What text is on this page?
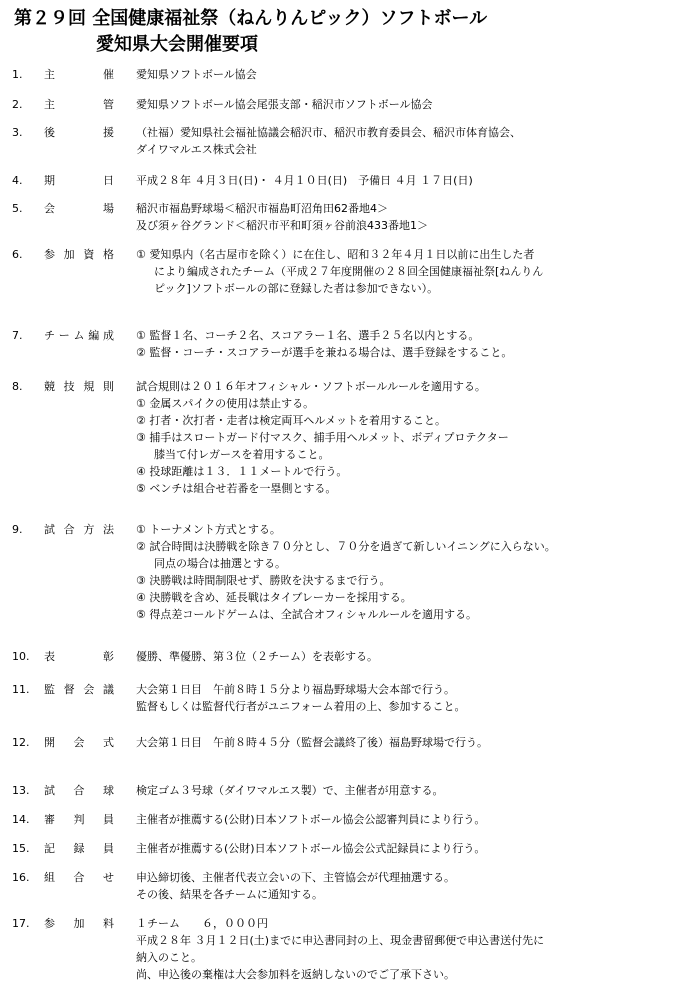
第２９回 全国健康福祉祭（ねんりんピック）ソフトボール
愛知県大会開催要項
1. 主	催 愛知県ソフトボール協会
2. 主	管 愛知県ソフトボール協会尾張支部・稲沢市ソフトボール協会
3. 後	援 （社福）愛知県社会福祉協議会稲沢市、稲沢市教育委員会、稲沢市体育協会、
ダイワマルエス株式会社
4. 期	日 平成２８年 ４月３日(日)・ ４月１０日(日)　予備日 ４月 １７日(日)
5. 会	場 稲沢市福島野球場＜稲沢市福島町沼角田62番地4＞
及び須ヶ谷グランド＜稲沢市平和町須ヶ谷前浪433番地1＞
6. 参 加 資 格 ① 愛知県内（名古屋市を除く）に在住し、昭和３２年４月１日以前に出生した者
により編成されたチーム（平成２７年度開催の２８回全国健康福祉祭[ねんりん
ピック]ソフトボールの部に登録した者は参加できない）。
7. チ ー ム 編 成 ① 監督１名、コーチ２名、スコアラー１名、選手２５名以内とする。
② 監督・コーチ・スコアラーが選手を兼ねる場合は、選手登録をすること。
8. 競 技 規 則 試合規則は２０１６年オフィシャル・ソフトボールルールを適用する。
① 金属スパイクの使用は禁止する。
② 打者・次打者・走者は検定両耳ヘルメットを着用すること。
③ 捕手はスロートガード付マスク、捕手用ヘルメット、ボディプロテクター
膝当て付レガースを着用すること。
④ 投球距離は１３．１１メートルで行う。
⑤ ベンチは組合せ若番を一塁側とする。
9. 試 合 方 法 ① トーナメント方式とする。
② 試合時間は決勝戦を除き７０分とし、７０分を過ぎて新しいイニングに入らない。
同点の場合は抽選とする。
③ 決勝戦は時間制限せず、勝敗を決するまで行う。
④ 決勝戦を含め、延長戦はタイブレーカーを採用する。
⑤ 得点差コールドゲームは、全試合オフィシャルルールを適用する。
10. 表	彰 優勝、準優勝、第３位（２チーム）を表彰する。
11. 監 督 会 議 大会第１日目　午前８時１５分より福島野球場大会本部で行う。
監督もしくは監督代行者がユニフォーム着用の上、参加すること。
12. 開 会 式 大会第１日目　午前８時４５分（監督会議終了後）福島野球場で行う。
13. 試 合 球 検定ゴム３号球（ダイワマルエス製）で、主催者が用意する。
14. 審 判 員 主催者が推薦する(公財)日本ソフトボール協会公認審判員により行う。
15. 記 録 員 主催者が推薦する(公財)日本ソフトボール協会公式記録員により行う。
16. 組 合 せ 申込締切後、主催者代表立会いの下、主管協会が代理抽選する。
その後、結果を各チームに通知する。
17. 参 加 料 １チーム　　６，０００円
平成２８年 ３月１２日(土)までに申込書同封の上、現金書留郵便で申込書送付先に
納入のこと。
尚、申込後の棄権は大会参加料を返納しないのでご了承下さい。
